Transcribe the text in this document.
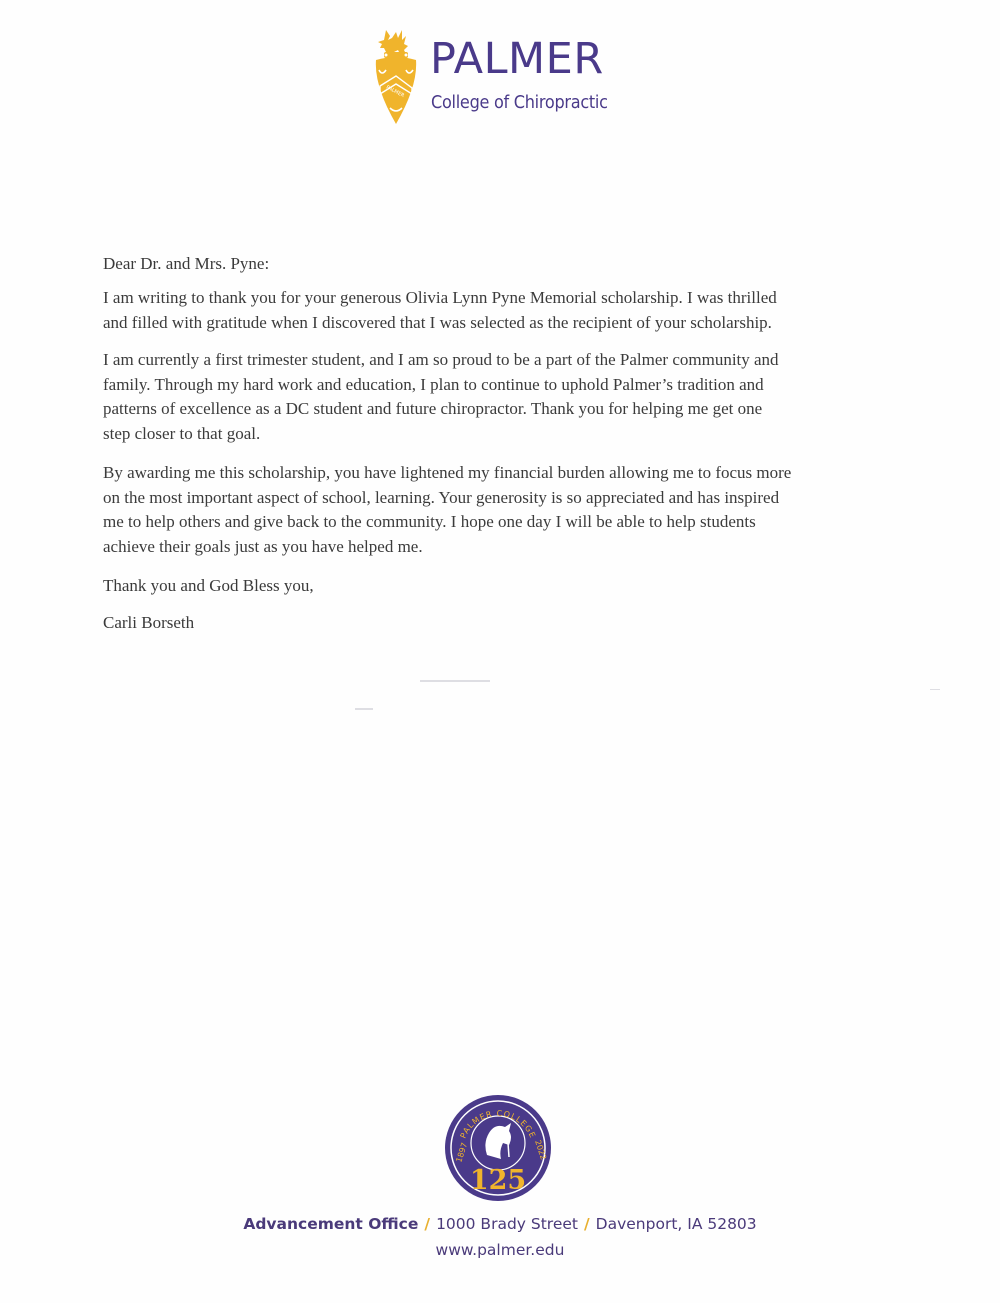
PALMER
PALMER
College of Chiropractic
Dear Dr. and Mrs. Pyne:
I am writing to thank you for your generous Olivia Lynn Pyne Memorial scholarship. I was thrilled
and filled with gratitude when I discovered that I was selected as the recipient of your scholarship.
I am currently a first trimester student, and I am so proud to be a part of the Palmer community and
family. Through my hard work and education, I plan to continue to uphold Palmer’s tradition and
patterns of excellence as a DC student and future chiropractor. Thank you for helping me get one
step closer to that goal.
By awarding me this scholarship, you have lightened my financial burden allowing me to focus more
on the most important aspect of school, learning. Your generosity is so appreciated and has inspired
me to help others and give back to the community. I hope one day I will be able to help students
achieve their goals just as you have helped me.
Thank you and God Bless you,
Carli Borseth
PALMER COLLEGE
1897	2022
125
Advancement Office / 1000 Brady Street / Davenport, IA 52803
www.palmer.edu
